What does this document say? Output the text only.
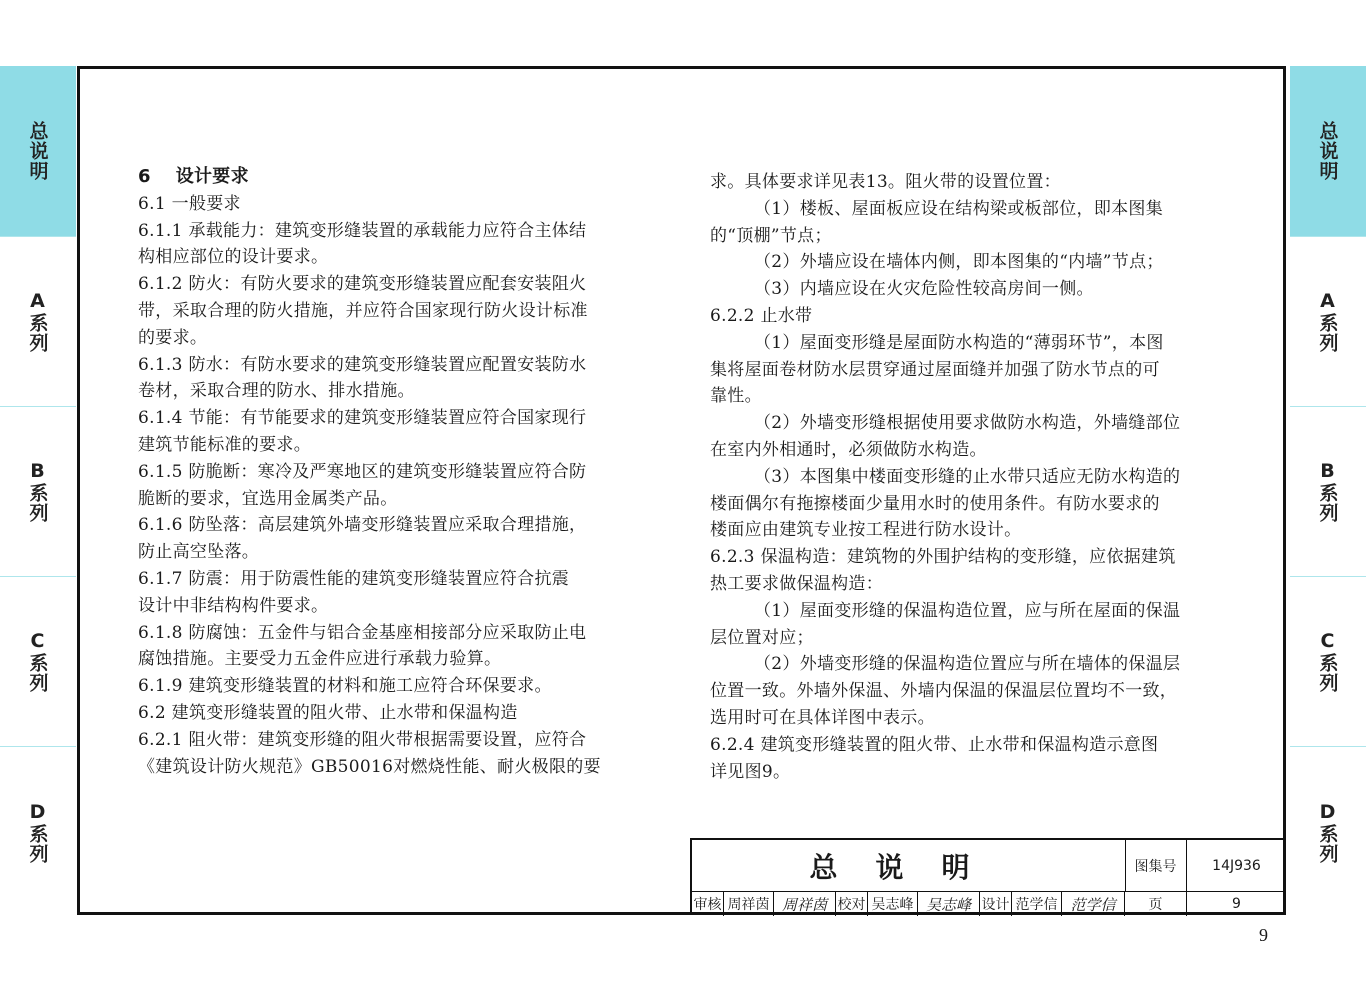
总说明
A系列
B系列
C系列
D系列
总说明
A系列
B系列
C系列
D系列

6　 设计要求

6.1 一般要求

6.1.1 承载能力：建筑变形缝装置的承载能力应符合主体结

构相应部位的设计要求。

6.1.2 防火：有防火要求的建筑变形缝装置应配套安装阻火

带，采取合理的防火措施，并应符合国家现行防火设计标准

的要求。

6.1.3 防水：有防水要求的建筑变形缝装置应配置安装防水

卷材，采取合理的防水、排水措施。

6.1.4 节能：有节能要求的建筑变形缝装置应符合国家现行

建筑节能标准的要求。

6.1.5 防脆断：寒冷及严寒地区的建筑变形缝装置应符合防

脆断的要求，宜选用金属类产品。

6.1.6 防坠落：高层建筑外墙变形缝装置应采取合理措施，

防止高空坠落。

6.1.7 防震：用于防震性能的建筑变形缝装置应符合抗震

设计中非结构构件要求。

6.1.8 防腐蚀：五金件与铝合金基座相接部分应采取防止电

腐蚀措施。主要受力五金件应进行承载力验算。

6.1.9 建筑变形缝装置的材料和施工应符合环保要求。

6.2 建筑变形缝装置的阻火带、止水带和保温构造

6.2.1 阻火带：建筑变形缝的阻火带根据需要设置，应符合

《建筑设计防火规范》GB50016对燃烧性能、耐火极限的要

求。具体要求详见表13。阻火带的设置位置：

（1）楼板、屋面板应设在结构梁或板部位，即本图集

的“顶棚”节点；

（2）外墙应设在墙体内侧，即本图集的“内墙”节点；

（3）内墙应设在火灾危险性较高房间一侧。

6.2.2 止水带

（1）屋面变形缝是屋面防水构造的“薄弱环节”，本图

集将屋面卷材防水层贯穿通过屋面缝并加强了防水节点的可

靠性。

（2）外墙变形缝根据使用要求做防水构造，外墙缝部位

在室内外相通时，必须做防水构造。

（3）本图集中楼面变形缝的止水带只适应无防水构造的

楼面偶尔有拖擦楼面少量用水时的使用条件。有防水要求的

楼面应由建筑专业按工程进行防水设计。

6.2.3 保温构造：建筑物的外围护结构的变形缝，应依据建筑

热工要求做保温构造：

（1）屋面变形缝的保温构造位置，应与所在屋面的保温

层位置对应；

（2）外墙变形缝的保温构造位置应与所在墙体的保温层

位置一致。外墙外保温、外墙内保温的保温层位置均不一致，

选用时可在具体详图中表示。

6.2.4 建筑变形缝装置的阻火带、止水带和保温构造示意图

详见图9。

总说明	图集号	14J936
审核 周祥茵 周祥茵 校对 吴志峰 吴志峰 设计 范学信 范学信	页	9
9
